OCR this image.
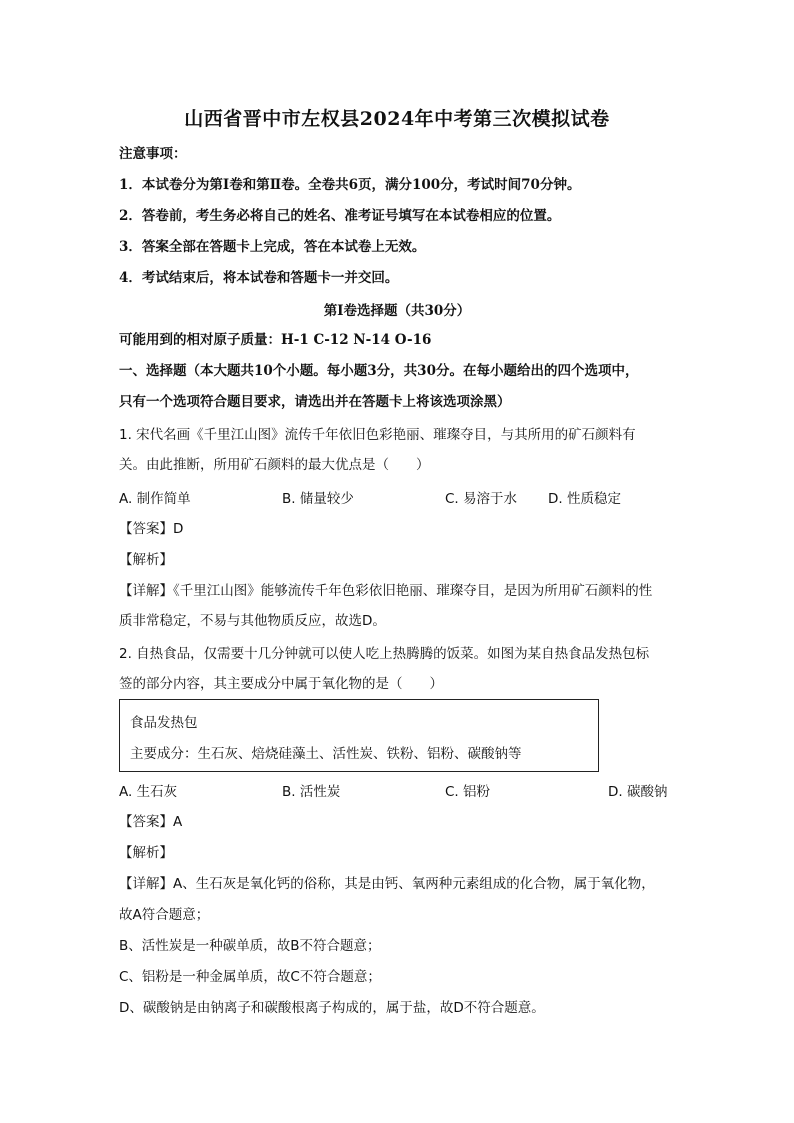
山西省晋中市左权县2024年中考第三次模拟试卷
注意事项：
1．本试卷分为第Ⅰ卷和第Ⅱ卷。全卷共6页，满分100分，考试时间70分钟。
2．答卷前，考生务必将自己的姓名、准考证号填写在本试卷相应的位置。
3．答案全部在答题卡上完成，答在本试卷上无效。
4．考试结束后，将本试卷和答题卡一并交回。
第Ⅰ卷选择题（共30分）
可能用到的相对原子质量：H-1 C-12 N-14 O-16
一、选择题（本大题共10个小题。每小题3分，共30分。在每小题给出的四个选项中，
只有一个选项符合题目要求，请选出并在答题卡上将该选项涂黑）
1. 宋代名画《千里江山图》流传千年依旧色彩艳丽、璀璨夺目，与其所用的矿石颜料有
关。由此推断，所用矿石颜料的最大优点是（　　）
A. 制作简单	B. 储量较少	C. 易溶于水 D. 性质稳定
【答案】D
【解析】
【详解】《千里江山图》能够流传千年色彩依旧艳丽、璀璨夺目，是因为所用矿石颜料的性
质非常稳定，不易与其他物质反应，故选D。
2. 自热食品，仅需要十几分钟就可以使人吃上热腾腾的饭菜。如图为某自热食品发热包标
签的部分内容，其主要成分中属于氧化物的是（　　）
食品发热包
主要成分：生石灰、焙烧硅藻土、活性炭、铁粉、铝粉、碳酸钠等
A. 生石灰	B. 活性炭	C. 铝粉	D. 碳酸钠
【答案】A
【解析】
【详解】A、生石灰是氧化钙的俗称，其是由钙、氧两种元素组成的化合物，属于氧化物，
故A符合题意；
B、活性炭是一种碳单质，故B不符合题意；
C、铝粉是一种金属单质，故C不符合题意；
D、碳酸钠是由钠离子和碳酸根离子构成的，属于盐，故D不符合题意。
